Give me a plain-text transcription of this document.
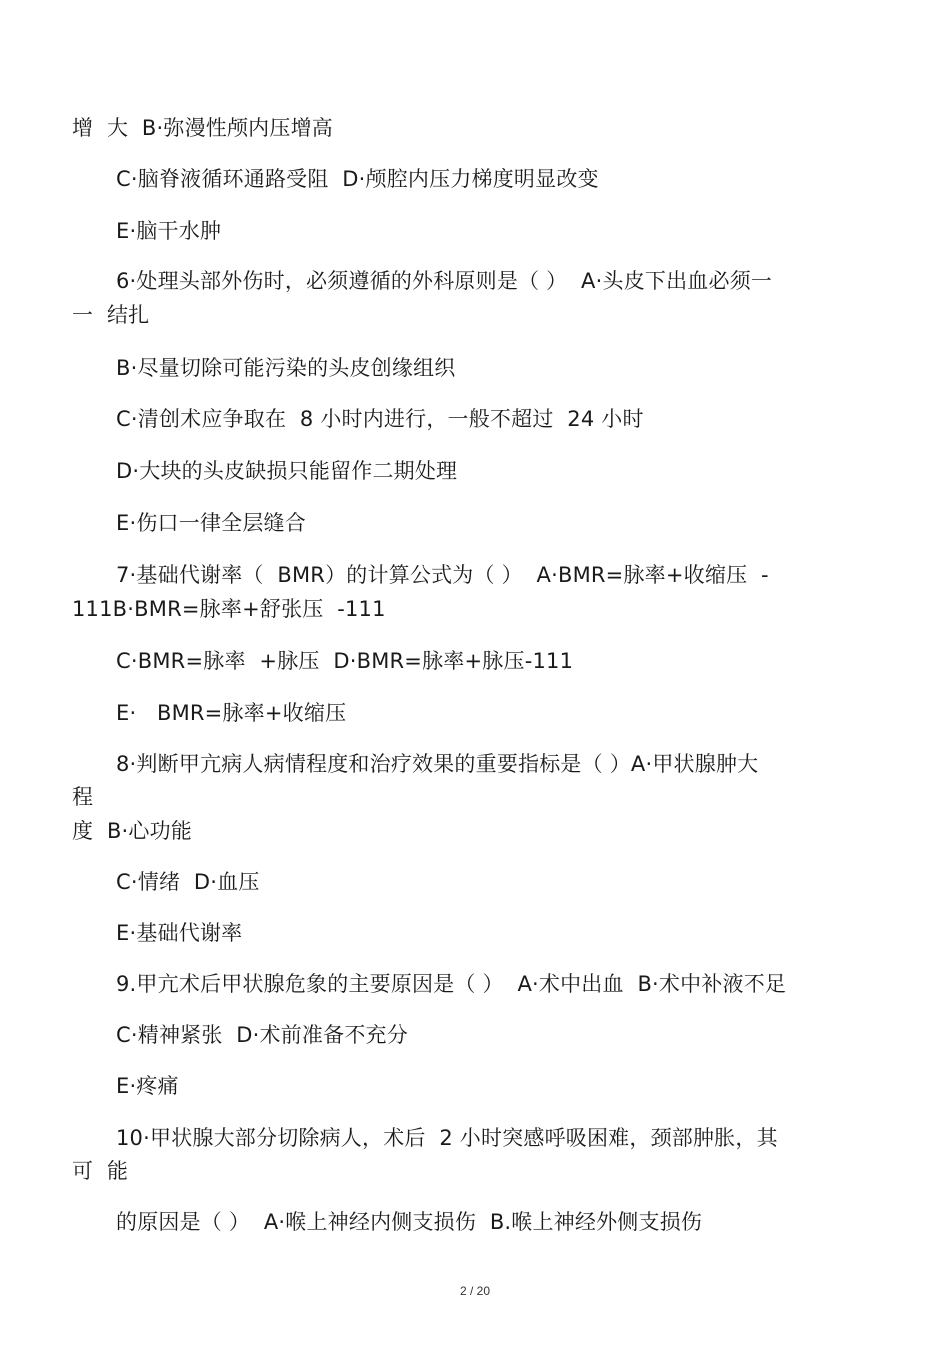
增  大  B·弥漫性颅内压增高
C·脑脊液循环通路受阻  D·颅腔内压力梯度明显改变
E·脑干水肿
6·处理头部外伤时，必须遵循的外科原则是（ ）  A·头皮下出血必须一
一  结扎
B·尽量切除可能污染的头皮创缘组织
C·清创术应争取在  8 小时内进行，一般不超过  24 小时
D·大块的头皮缺损只能留作二期处理
E·伤口一律全层缝合
7·基础代谢率（  BMR）的计算公式为（ ）  A·BMR=脉率+收缩压  -
111B·BMR=脉率+舒张压  -111
C·BMR=脉率  +脉压  D·BMR=脉率+脉压-111
E·   BMR=脉率+收缩压
8·判断甲亢病人病情程度和治疗效果的重要指标是（ ）A·甲状腺肿大
程
度  B·心功能
C·情绪  D·血压
E·基础代谢率
9.甲亢术后甲状腺危象的主要原因是（ ）  A·术中出血  B·术中补液不足
C·精神紧张  D·术前准备不充分
E·疼痛
10·甲状腺大部分切除病人，术后  2 小时突感呼吸困难，颈部肿胀，其
可  能
的原因是（ ）  A·喉上神经内侧支损伤  B.喉上神经外侧支损伤
2 / 20
